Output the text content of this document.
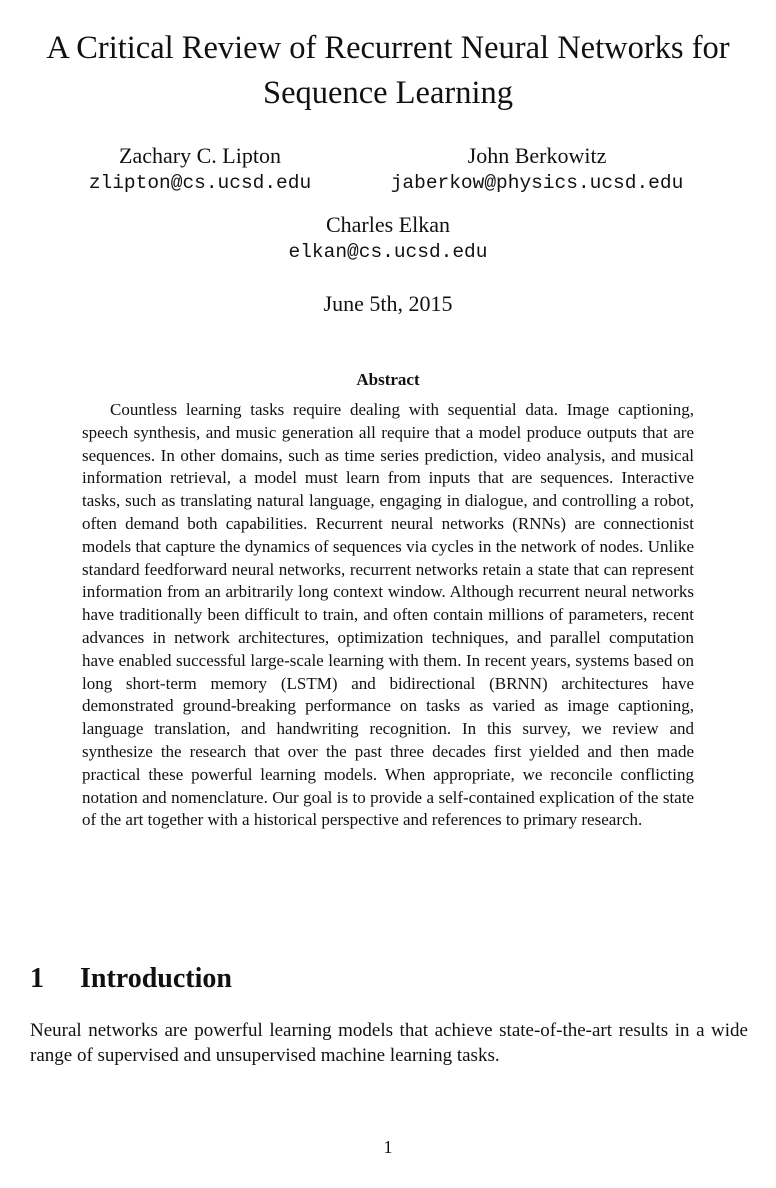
A Critical Review of Recurrent Neural Networks for Sequence Learning
Zachary C. Lipton
zlipton@cs.ucsd.edu
John Berkowitz
jaberkow@physics.ucsd.edu
Charles Elkan
elkan@cs.ucsd.edu
June 5th, 2015
Abstract

Countless learning tasks require dealing with sequential data. Image captioning, speech synthesis, and music generation all require that a model produce outputs that are sequences. In other domains, such as time series prediction, video analysis, and musical information retrieval, a model must learn from inputs that are sequences. Interactive tasks, such as translating natural language, engaging in dialogue, and controlling a robot, often demand both capabilities. Recurrent neural networks (RNNs) are connectionist models that capture the dynamics of sequences via cycles in the network of nodes. Unlike standard feedforward neural networks, recurrent networks retain a state that can represent information from an arbitrarily long context window. Although recurrent neural networks have traditionally been difficult to train, and often contain millions of parameters, recent advances in network architectures, optimization techniques, and parallel computation have enabled successful large-scale learning with them. In recent years, systems based on long short-term memory (LSTM) and bidirectional (BRNN) architectures have demonstrated ground-breaking performance on tasks as varied as image captioning, language translation, and handwriting recognition. In this survey, we review and synthesize the research that over the past three decades first yielded and then made practical these powerful learning models. When appropriate, we reconcile conflicting notation and nomenclature. Our goal is to provide a self-contained explication of the state of the art together with a historical perspective and references to primary research.

1 Introduction

Neural networks are powerful learning models that achieve state-of-the-art results in a wide range of supervised and unsupervised machine learning tasks.

1
